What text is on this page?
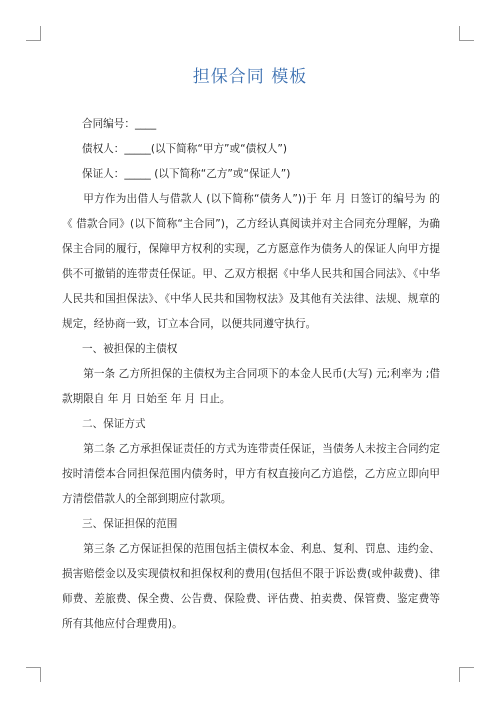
担保合同 模板

合同编号：____

债权人：_____(以下简称“甲方”或“债权人”)

保证人：_____ (以下简称“乙方”或“保证人”)

甲方作为出借人与借款人 (以下简称“债务人”))于 年 月 日签订的编号为 的《 借款合同》(以下简称“主合同”)，乙方经认真阅读并对主合同充分理解，为确保主合同的履行，保障甲方权利的实现，乙方愿意作为债务人的保证人向甲方提供不可撤销的连带责任保证。甲、乙双方根据《中华人民共和国合同法》、《中华人民共和国担保法》、《中华人民共和国物权法》及其他有关法律、法规、规章的规定，经协商一致，订立本合同，以便共同遵守执行。

一、被担保的主债权

第一条 乙方所担保的主债权为主合同项下的本金人民币(大写) 元;利率为 ;借款期限自 年 月 日始至 年 月 日止。

二、保证方式

第二条 乙方承担保证责任的方式为连带责任保证，当债务人未按主合同约定按时清偿本合同担保范围内债务时，甲方有权直接向乙方追偿，乙方应立即向甲方清偿借款人的全部到期应付款项。

三、保证担保的范围

第三条 乙方保证担保的范围包括主债权本金、利息、复利、罚息、违约金、损害赔偿金以及实现债权和担保权利的费用(包括但不限于诉讼费(或仲裁费)、律师费、差旅费、保全费、公告费、保险费、评估费、拍卖费、保管费、鉴定费等所有其他应付合理费用)。
